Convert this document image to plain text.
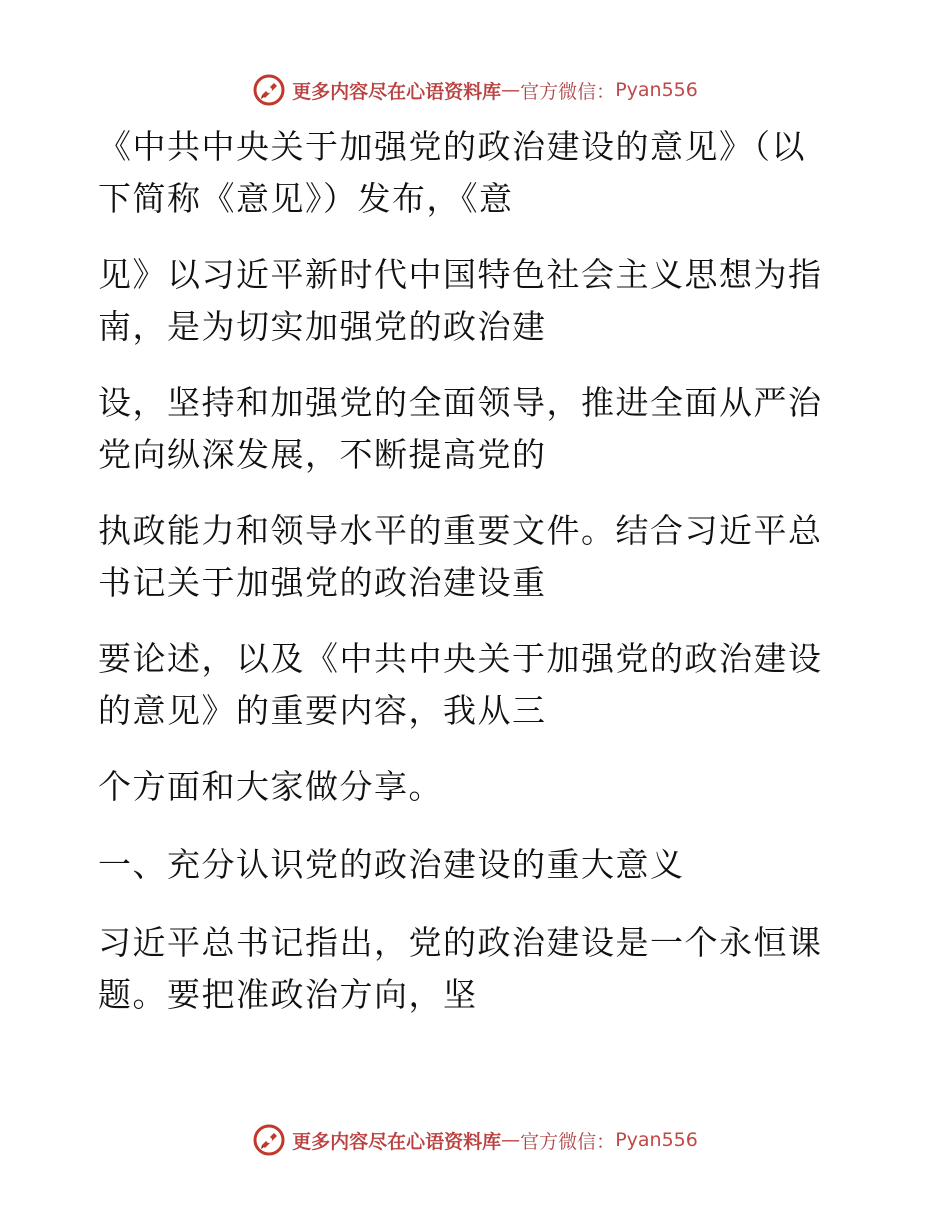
更多内容尽在心语资料库 — 官方微信： Pyan556

《中共中央关于加强党的政治建设的意见》（以
下简称《意见》）发布，《意

见》以习近平新时代中国特色社会主义思想为指
南，是为切实加强党的政治建

设，坚持和加强党的全面领导，推进全面从严治
党向纵深发展，不断提高党的

执政能力和领导水平的重要文件。结合习近平总
书记关于加强党的政治建设重

要论述，以及《中共中央关于加强党的政治建设
的意见》的重要内容，我从三

个方面和大家做分享。

一、充分认识党的政治建设的重大意义

习近平总书记指出，党的政治建设是一个永恒课
题。要把准政治方向，坚

更多内容尽在心语资料库 — 官方微信： Pyan556
